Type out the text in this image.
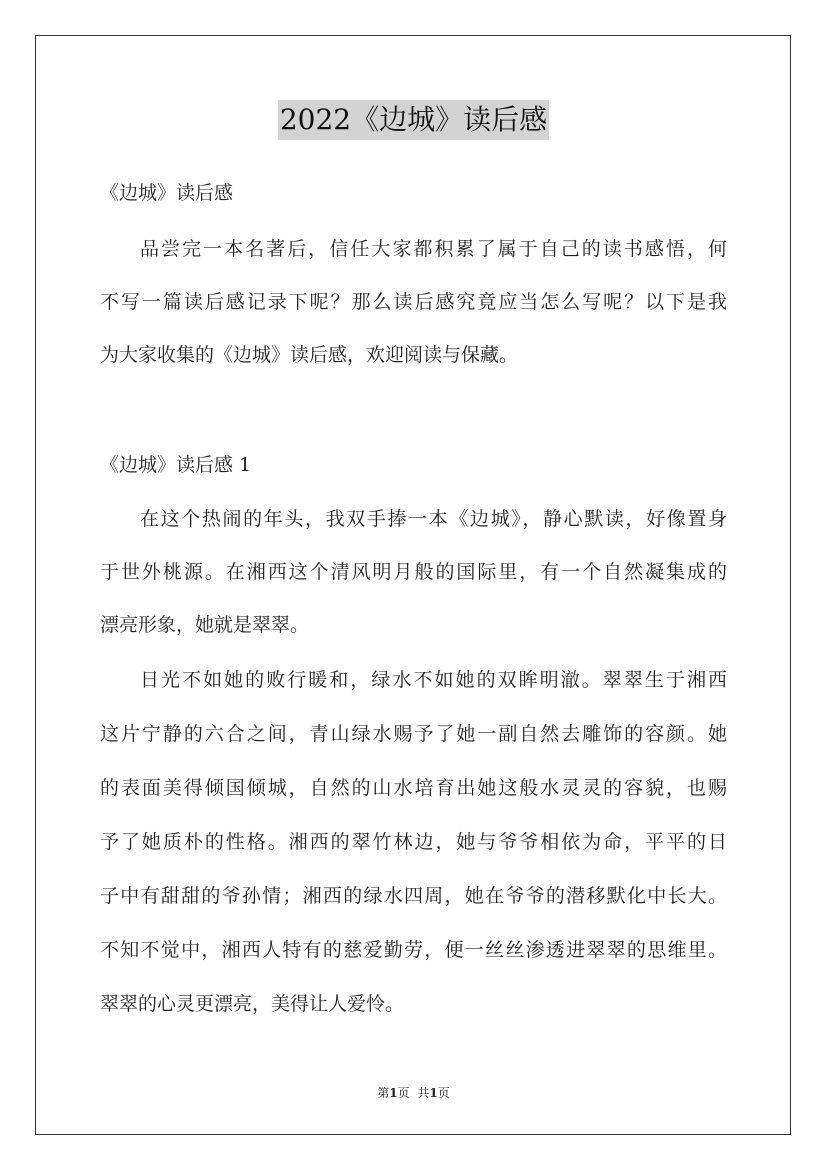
2022《边城》读后感
《边城》读后感
品尝完一本名著后，信任大家都积累了属于自己的读书感悟，何
不写一篇读后感记录下呢？那么读后感究竟应当怎么写呢？以下是我
为大家收集的《边城》读后感，欢迎阅读与保藏。
《边城》读后感 1
在这个热闹的年头，我双手捧一本《边城》，静心默读，好像置身
于世外桃源。在湘西这个清风明月般的国际里，有一个自然凝集成的
漂亮形象，她就是翠翠。
日光不如她的败行暖和，绿水不如她的双眸明澈。翠翠生于湘西
这片宁静的六合之间，青山绿水赐予了她一副自然去雕饰的容颜。她
的表面美得倾国倾城，自然的山水培育出她这般水灵灵的容貌，也赐
予了她质朴的性格。湘西的翠竹林边，她与爷爷相依为命，平平的日
子中有甜甜的爷孙情；湘西的绿水四周，她在爷爷的潜移默化中长大。
不知不觉中，湘西人特有的慈爱勤劳，便一丝丝渗透进翠翠的思维里。
翠翠的心灵更漂亮，美得让人爱怜。
第1页 共1页
